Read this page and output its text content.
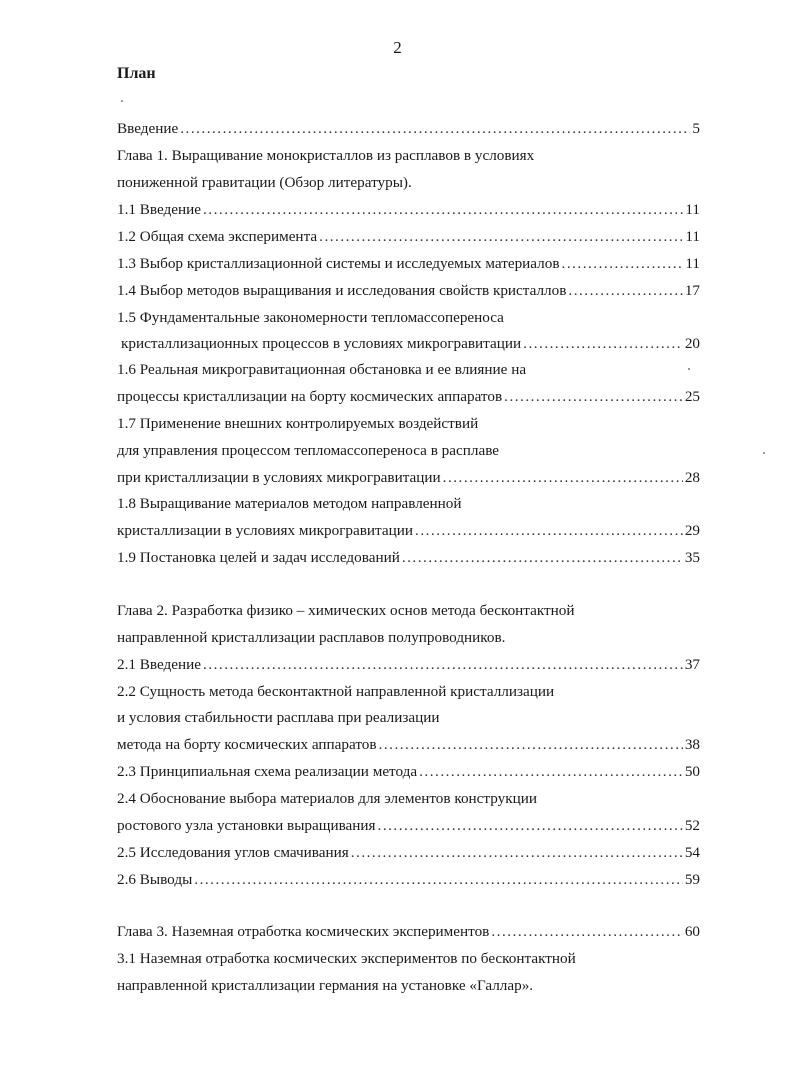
2
План
Введение .....	5
Глава 1. Выращивание монокристаллов из расплавов в условиях
пониженной гравитации (Обзор литературы).
1.1 Введение .....	11
1.2 Общая схема эксперимента .....	11
1.3 Выбор кристаллизационной системы и исследуемых материалов .....	11
1.4 Выбор методов выращивания и исследования свойств кристаллов .....	17
1.5 Фундаментальные закономерности тепломассопереноса
кристаллизационных процессов в условиях микрогравитации .....	20
1.6 Реальная микрогравитационная обстановка и ее влияние на
процессы кристаллизации на борту космических аппаратов .....	25
1.7 Применение внешних контролируемых воздействий
для управления процессом тепломассопереноса в расплаве
при кристаллизации в условиях микрогравитации .....	28
1.8 Выращивание материалов методом направленной
кристаллизации в условиях микрогравитации .....	29
1.9 Постановка целей и задач исследований .....	35
Глава 2. Разработка физико – химических основ метода бесконтактной
направленной кристаллизации расплавов полупроводников.
2.1 Введение .....	37
2.2 Сущность метода бесконтактной направленной кристаллизации
и условия стабильности расплава при реализации
метода на борту космических аппаратов .....	38
2.3 Принципиальная схема реализации метода .....	50
2.4 Обоснование выбора материалов для элементов конструкции
ростового узла установки выращивания .....	52
2.5 Исследования углов смачивания .....	54
2.6 Выводы .....	59
Глава 3. Наземная отработка космических экспериментов .....	60
3.1 Наземная отработка космических экспериментов по бесконтактной
направленной кристаллизации германия на установке «Галлар».
